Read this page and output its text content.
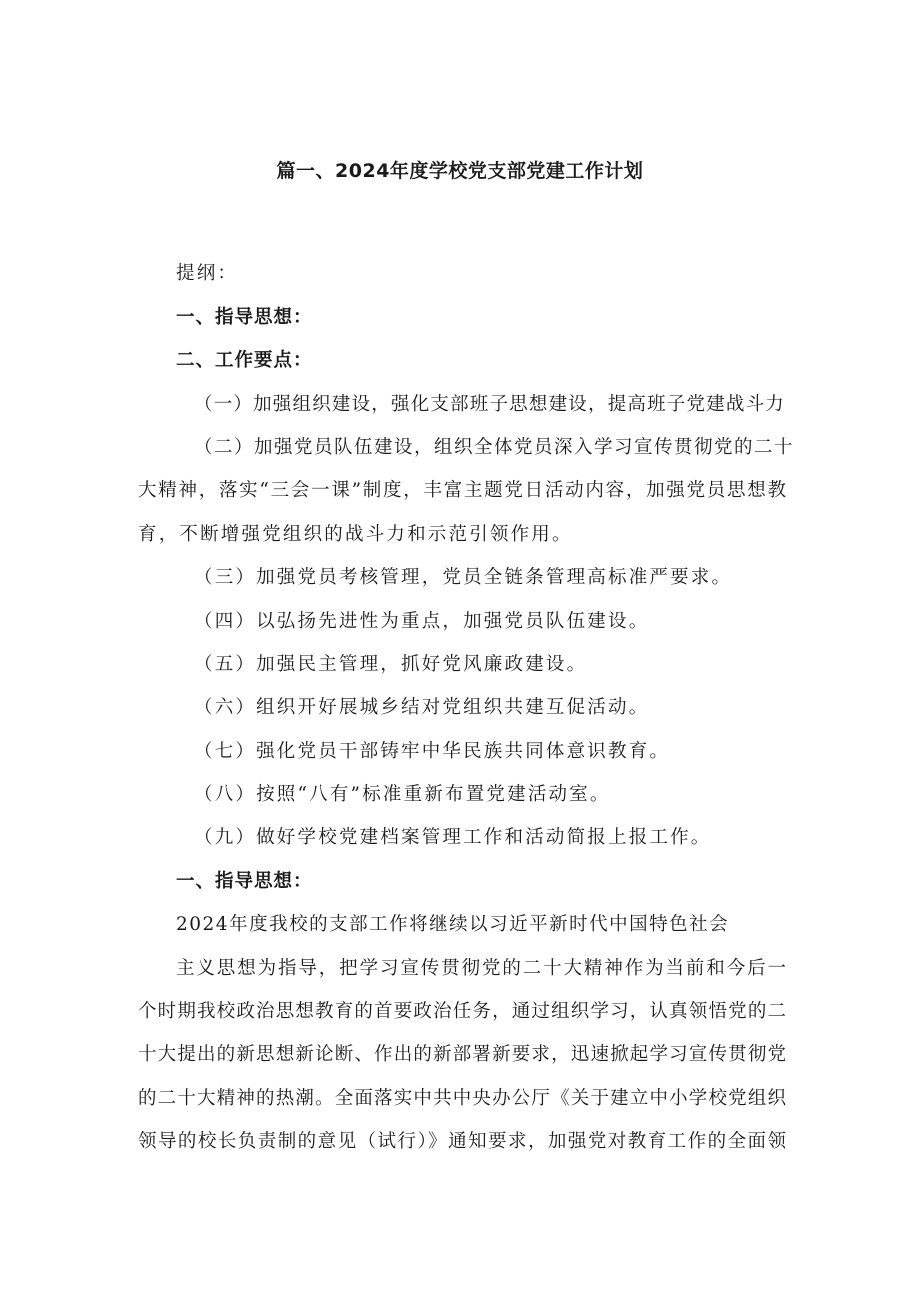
篇一、2024年度学校党支部党建工作计划
提纲：
一、指导思想：
二、工作要点：
（一）加强组织建设，强化支部班子思想建设，提高班子党建战斗力
（二）加强党员队伍建设，组织全体党员深入学习宣传贯彻党的二十
大精神，落实“三会一课”制度，丰富主题党日活动内容，加强党员思想教
育，不断增强党组织的战斗力和示范引领作用。
（三）加强党员考核管理，党员全链条管理高标准严要求。
（四）以弘扬先进性为重点，加强党员队伍建设。
（五）加强民主管理，抓好党风廉政建设。
（六）组织开好展城乡结对党组织共建互促活动。
（七）强化党员干部铸牢中华民族共同体意识教育。
（八）按照“八有”标准重新布置党建活动室。
（九）做好学校党建档案管理工作和活动简报上报工作。
一、指导思想：
2024年度我校的支部工作将继续以习近平新时代中国特色社会
主义思想为指导，把学习宣传贯彻党的二十大精神作为当前和今后一
个时期我校政治思想教育的首要政治任务，通过组织学习，认真领悟党的二
十大提出的新思想新论断、作出的新部署新要求，迅速掀起学习宣传贯彻党
的二十大精神的热潮。全面落实中共中央办公厅《关于建立中小学校党组织
领导的校长负责制的意见（试行）》通知要求，加强党对教育工作的全面领
